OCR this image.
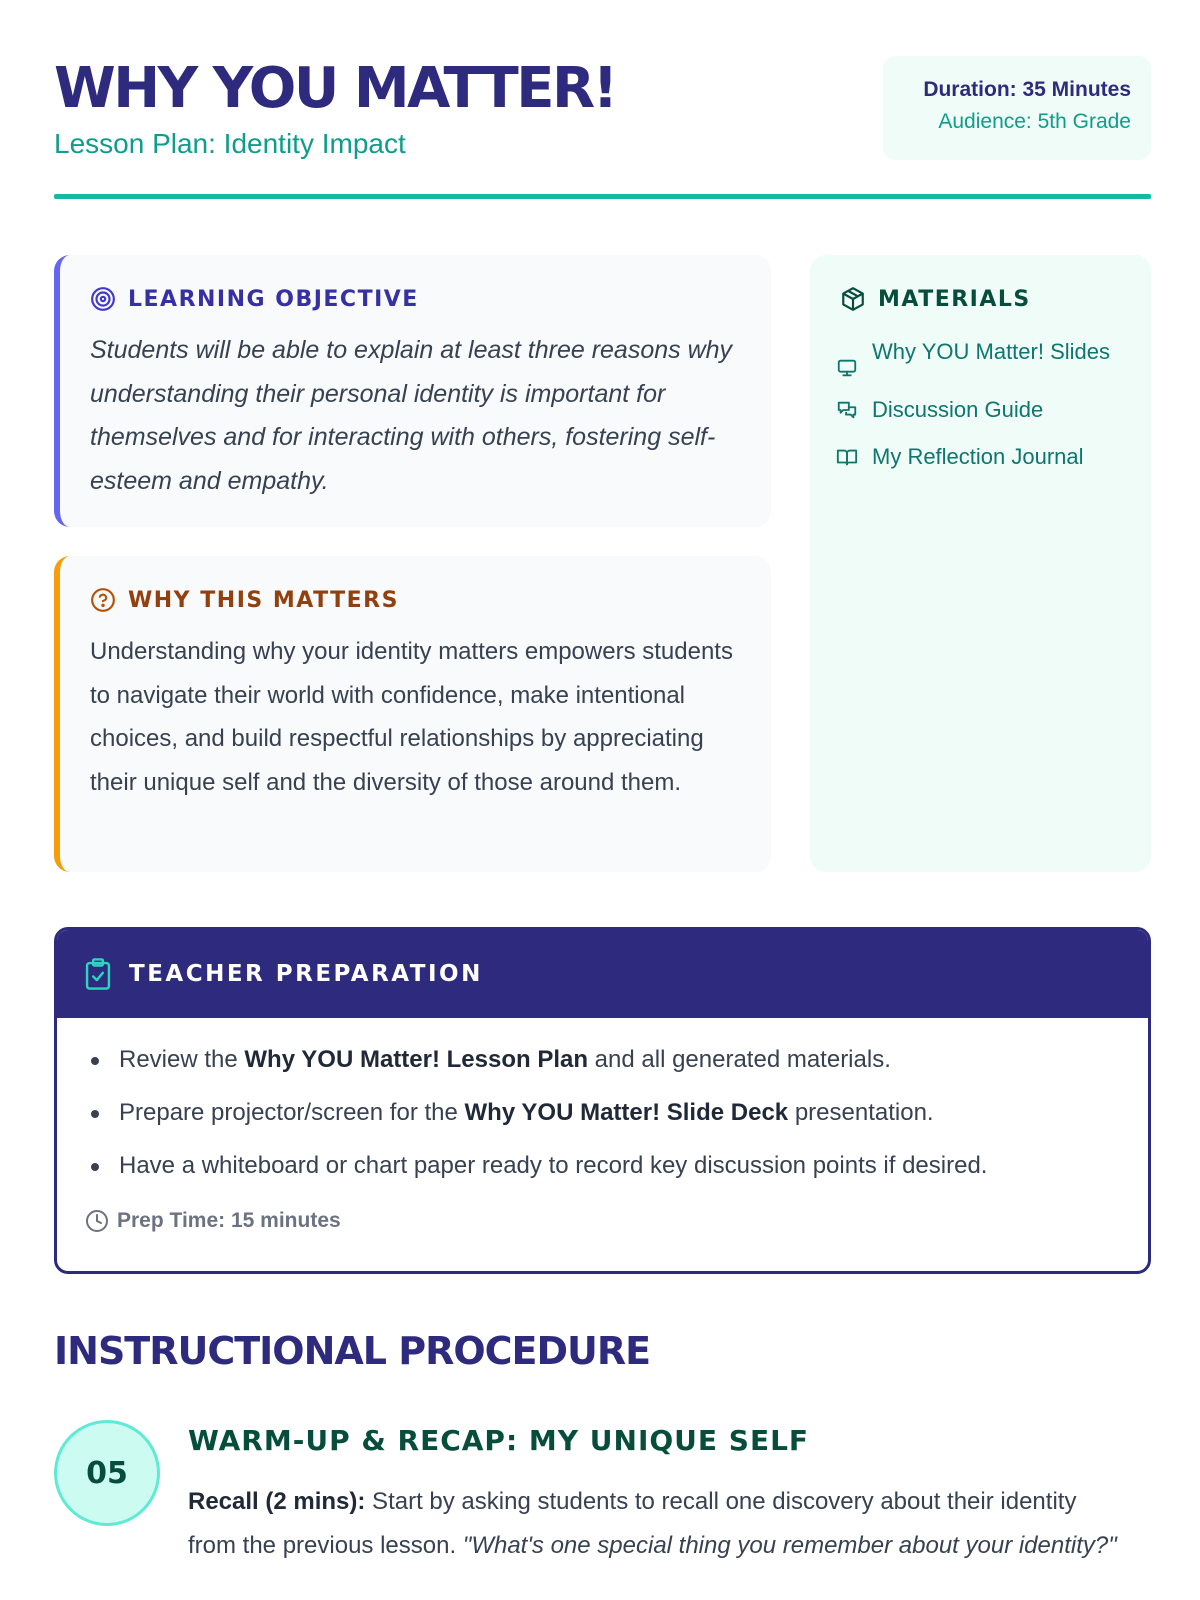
WHY YOU MATTER!
Lesson Plan: Identity Impact
Duration: 35 Minutes
Audience: 5th Grade
LEARNING OBJECTIVE

Students will be able to explain at least three reasons why understanding their personal identity is important for themselves and for interacting with others, fostering self-esteem and empathy.

WHY THIS MATTERS

Understanding why your identity matters empowers students to navigate their world with confidence, make intentional choices, and build respectful relationships by appreciating their unique self and the diversity of those around them.

MATERIALS
Why YOU Matter! Slides
Discussion Guide
My Reflection Journal
TEACHER PREPARATION
Review the Why YOU Matter! Lesson Plan and all generated materials.
Prepare projector/screen for the Why YOU Matter! Slide Deck presentation.
Have a whiteboard or chart paper ready to record key discussion points if desired.
Prep Time: 15 minutes
INSTRUCTIONAL PROCEDURE
05
WARM-UP & RECAP: MY UNIQUE SELF

Recall (2 mins): Start by asking students to recall one discovery about their identity from the previous lesson. "What's one special thing you remember about your identity?"
